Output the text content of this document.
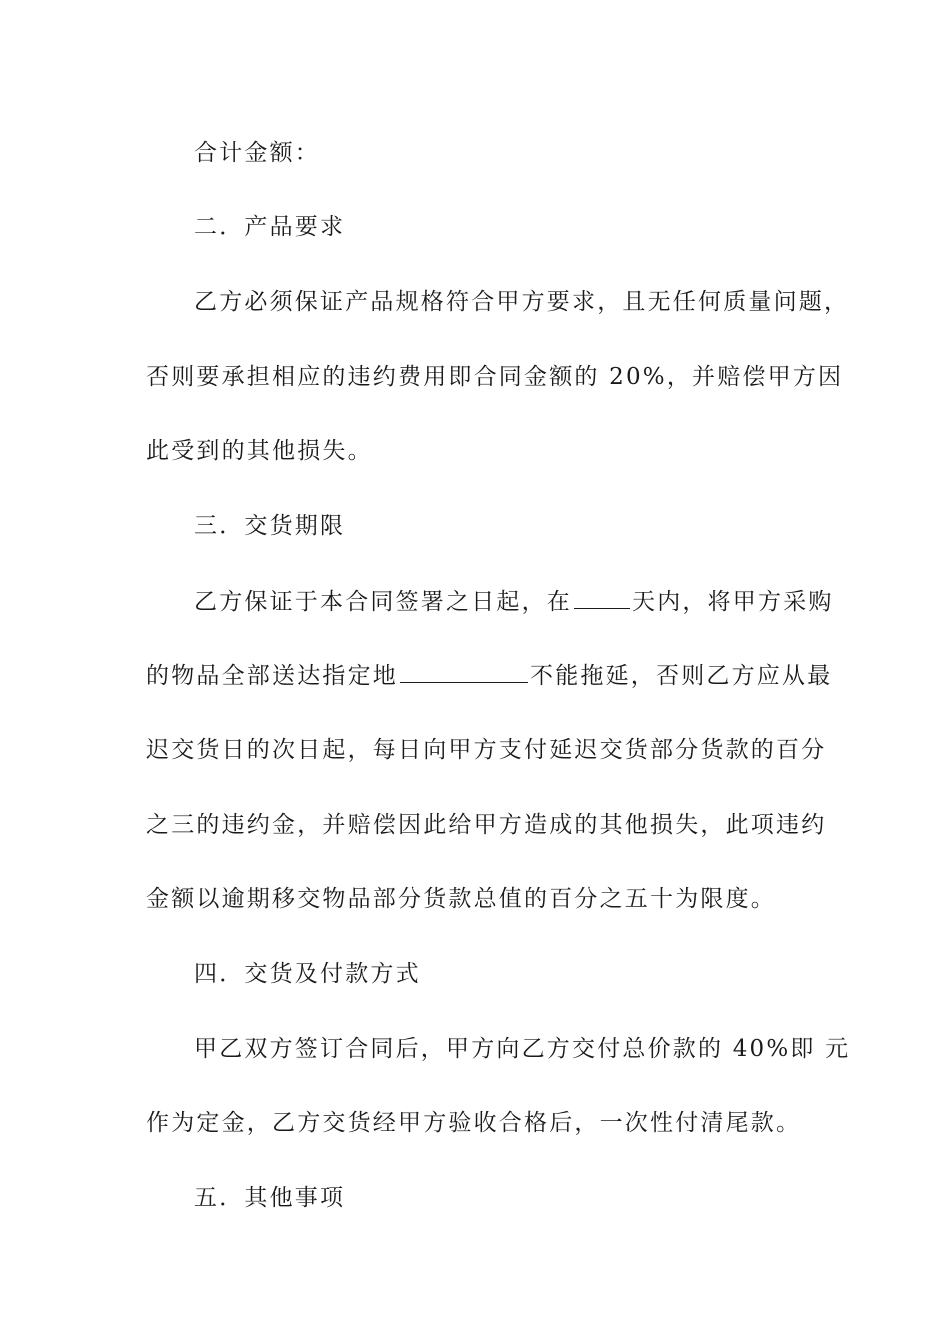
合计金额：
二．产品要求
乙方必须保证产品规格符合甲方要求，且无任何质量问题，
否则要承担相应的违约费用即合同金额的 20%，并赔偿甲方因
此受到的其他损失。
三．交货期限
乙方保证于本合同签署之日起，在	天内，将甲方采购
的物品全部送达指定地	不能拖延，否则乙方应从最
迟交货日的次日起，每日向甲方支付延迟交货部分货款的百分
之三的违约金，并赔偿因此给甲方造成的其他损失，此项违约
金额以逾期移交物品部分货款总值的百分之五十为限度。
四．交货及付款方式
甲乙双方签订合同后，甲方向乙方交付总价款的 40%即 元
作为定金，乙方交货经甲方验收合格后，一次性付清尾款。
五．其他事项
